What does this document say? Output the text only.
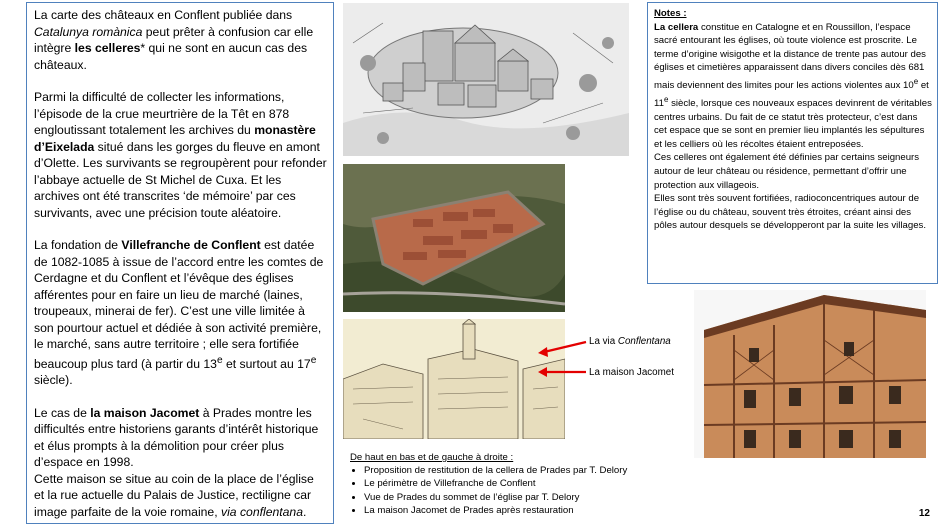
La carte des châteaux en Conflent publiée dans Catalunya romànica peut prêter à confusion car elle intègre les celleres* qui ne sont en aucun cas des châteaux.

Parmi la difficulté de collecter les informations, l’épisode de la crue meurtrière de la Têt en 878 engloutissant totalement les archives du monastère d’Eixelada situé dans les gorges du fleuve en amont d’Olette. Les survivants se regroupèrent pour refonder l’abbaye actuelle de St Michel de Cuxa. Et les archives ont été transcrites ‘de mémoire’ par ces survivants, avec une précision toute aléatoire.

La fondation de Villefranche de Conflent est datée de 1082-1085 à issue de l’accord entre les comtes de Cerdagne et du Conflent et l’évêque des églises afférentes pour en faire un lieu de marché (laines, troupeaux, minerai de fer). C’est une ville limitée à son pourtour actuel et dédiée à son activité première, le marché, sans autre territoire ; elle sera fortifiée beaucoup plus tard (à partir du 13e et surtout au 17e siècle).

Le cas de la maison Jacomet à Prades montre les difficultés entre historiens garants d’intérêt historique et élus prompts à la démolition pour créer plus d’espace en 1998.

Cette maison se situe au coin de la place de l’église et la rue actuelle du Palais de Justice, rectiligne car image parfaite de la voie romaine, via conflentana.

La via Conflentana
La maison Jacomet

Notes :

La cellera constitue en Catalogne et en Roussillon, l’espace sacré entourant les églises, où toute violence est proscrite. Le terme d’origine wisigothe et la distance de trente pas autour des églises et cimetières apparaissent dans divers conciles dès 681 mais deviennent des limites pour les actions violentes aux 10e et 11e siècle, lorsque ces nouveaux espaces devinrent de véritables centres urbains. Du fait de ce statut très protecteur, c’est dans cet espace que se sont en premier lieu implantés les sépultures et les celliers où les récoltes étaient entreposées.

Ces celleres ont également été définies par certains seigneurs autour de leur château ou résidence, permettant d’offrir une protection aux villageois.

Elles sont très souvent fortifiées, radioconcentriques autour de l’église ou du château, souvent très étroites, créant ainsi des pôles autour desquels se développeront par la suite les villages.

De haut en bas et de gauche à droite :
• Proposition de restitution de la cellera de Prades par T. Delory
• Le périmètre de Villefranche de Conflent
• Vue de Prades du sommet de l’église par T. Delory
• La maison Jacomet de Prades après restauration	12
